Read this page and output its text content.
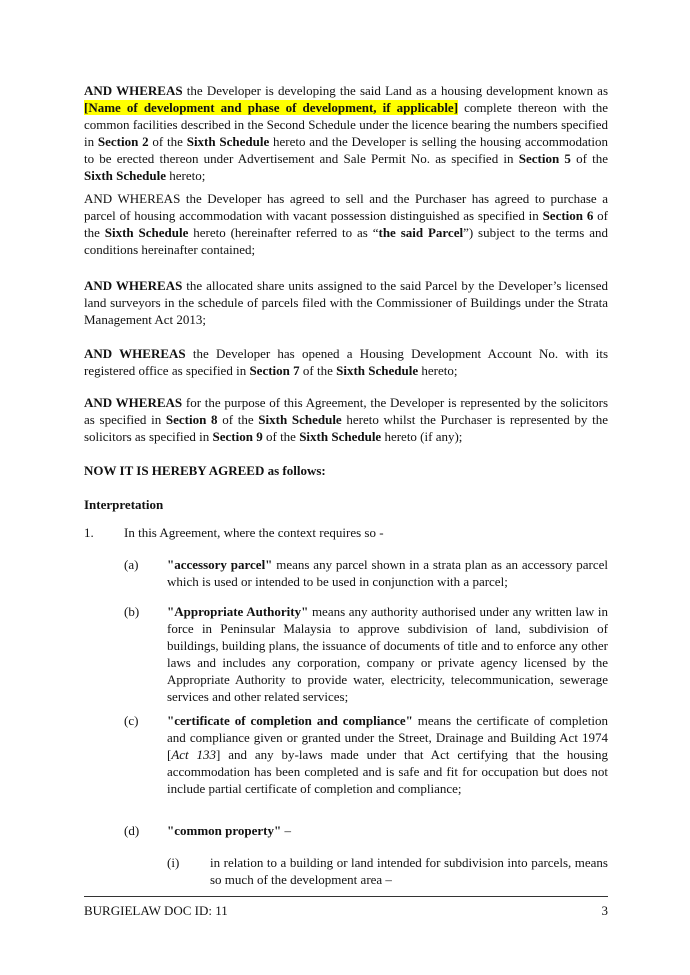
AND WHEREAS the Developer is developing the said Land as a housing development known as [Name of development and phase of development, if applicable] complete thereon with the common facilities described in the Second Schedule under the licence bearing the numbers specified in Section 2 of the Sixth Schedule hereto and the Developer is selling the housing accommodation to be erected thereon under Advertisement and Sale Permit No. as specified in Section 5 of the Sixth Schedule hereto;

AND WHEREAS the Developer has agreed to sell and the Purchaser has agreed to purchase a parcel of housing accommodation with vacant possession distinguished as specified in Section 6 of the Sixth Schedule hereto (hereinafter referred to as “the said Parcel”) subject to the terms and conditions hereinafter contained;

AND WHEREAS the allocated share units assigned to the said Parcel by the Developer’s licensed land surveyors in the schedule of parcels filed with the Commissioner of Buildings under the Strata Management Act 2013;

AND WHEREAS the Developer has opened a Housing Development Account No. with its registered office as specified in Section 7 of the Sixth Schedule hereto;

AND WHEREAS for the purpose of this Agreement, the Developer is represented by the solicitors as specified in Section 8 of the Sixth Schedule hereto whilst the Purchaser is represented by the solicitors as specified in Section 9 of the Sixth Schedule hereto (if any);

NOW IT IS HEREBY AGREED as follows:

Interpretation

1. In this Agreement, where the context requires so -

(a) "accessory parcel" means any parcel shown in a strata plan as an accessory parcel which is used or intended to be used in conjunction with a parcel;

(b) "Appropriate Authority" means any authority authorised under any written law in force in Peninsular Malaysia to approve subdivision of land, subdivision of buildings, building plans, the issuance of documents of title and to enforce any other laws and includes any corporation, company or private agency licensed by the Appropriate Authority to provide water, electricity, telecommunication, sewerage services and other related services;

(c) "certificate of completion and compliance" means the certificate of completion and compliance given or granted under the Street, Drainage and Building Act 1974 [Act 133] and any by-laws made under that Act certifying that the housing accommodation has been completed and is safe and fit for occupation but does not include partial certificate of completion and compliance;

(d) "common property" –

(i) in relation to a building or land intended for subdivision into parcels, means so much of the development area –

BURGIELAW DOC ID: 11	3
